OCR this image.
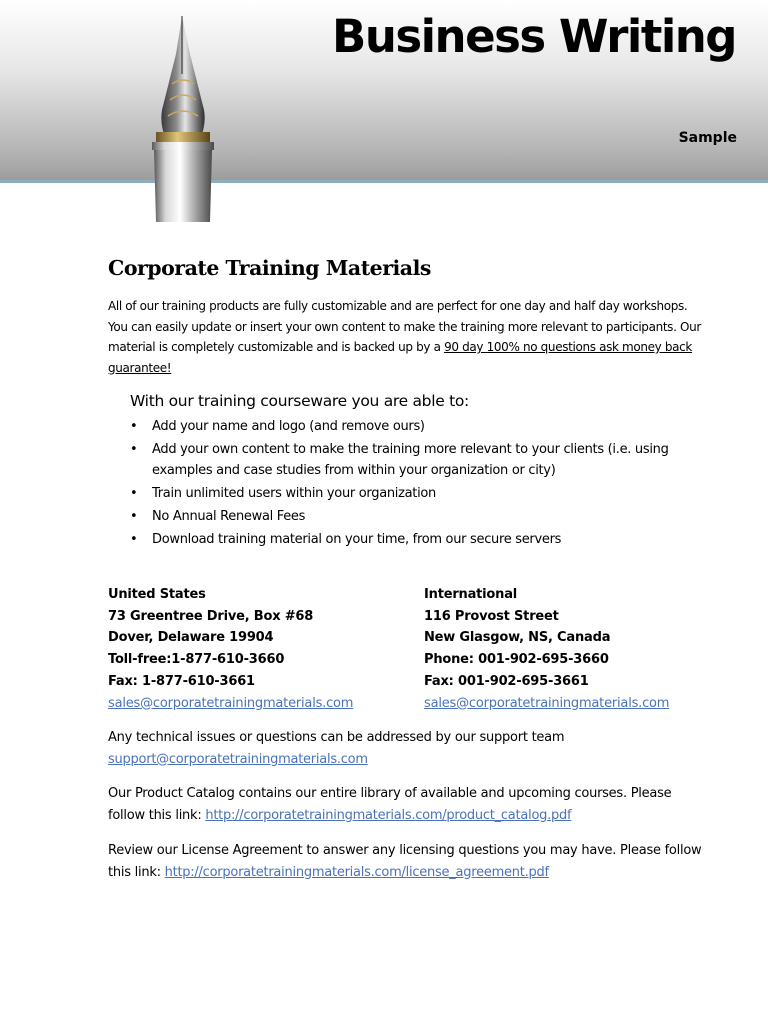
Business Writing
Sample
Corporate Training Materials

All of our training products are fully customizable and are perfect for one day and half day workshops. You can easily update or insert your own content to make the training more relevant to participants. Our material is completely customizable and is backed up by a 90 day 100% no questions ask money back guarantee!

With our training courseware you are able to:
• Add your name and logo (and remove ours)
• Add your own content to make the training more relevant to your clients (i.e. using examples and case studies from within your organization or city)
• Train unlimited users within your organization
• No Annual Renewal Fees
• Download training material on your time, from our secure servers
United States
73 Greentree Drive, Box #68
Dover, Delaware 19904
Toll-free:1-877-610-3660
Fax: 1-877-610-3661
sales@corporatetrainingmaterials.com
International
116 Provost Street
New Glasgow, NS, Canada
Phone: 001-902-695-3660
Fax: 001-902-695-3661
sales@corporatetrainingmaterials.com

Any technical issues or questions can be addressed by our support team
support@corporatetrainingmaterials.com

Our Product Catalog contains our entire library of available and upcoming courses. Please follow this link: http://corporatetrainingmaterials.com/product_catalog.pdf

Review our License Agreement to answer any licensing questions you may have. Please follow this link: http://corporatetrainingmaterials.com/license_agreement.pdf
